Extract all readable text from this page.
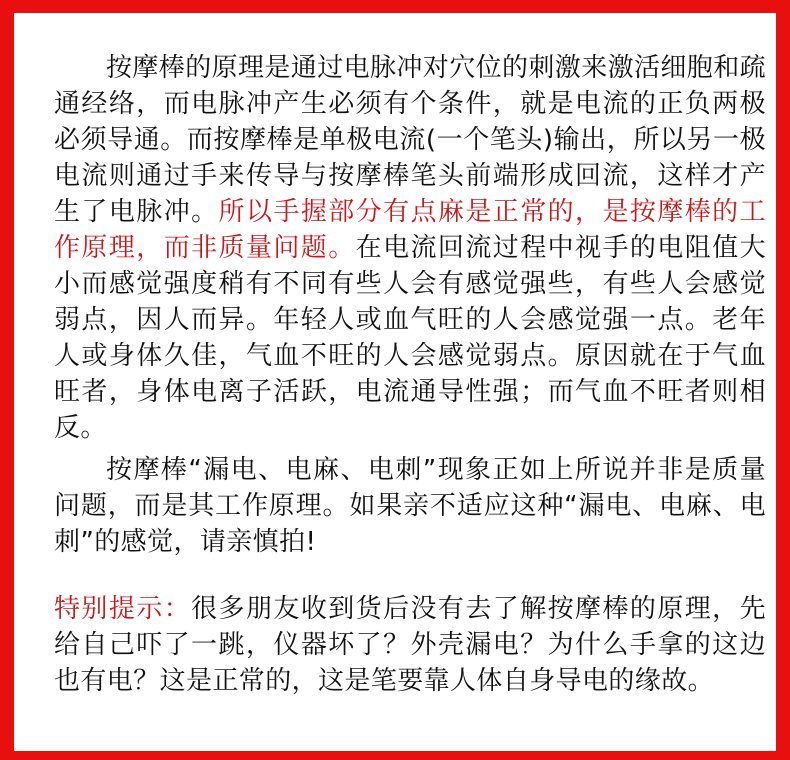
按摩棒的原理是通过电脉冲对穴位的刺激来激活细胞和疏通经络，而电脉冲产生必须有个条件，就是电流的正负两极必须导通。而按摩棒是单极电流(一个笔头)输出，所以另一极电流则通过手来传导与按摩棒笔头前端形成回流，这样才产生了电脉冲。所以手握部分有点麻是正常的，是按摩棒的工作原理，而非质量问题。在电流回流过程中视手的电阻值大小而感觉强度稍有不同有些人会有感觉强些，有些人会感觉弱点，因人而异。年轻人或血气旺的人会感觉强一点。老年人或身体久佳，气血不旺的人会感觉弱点。原因就在于气血旺者，身体电离子活跃，电流通导性强；而气血不旺者则相反。

按摩棒“漏电、电麻、电刺”现象正如上所说并非是质量问题，而是其工作原理。如果亲不适应这种“漏电、电麻、电刺”的感觉，请亲慎拍!

特别提示：很多朋友收到货后没有去了解按摩棒的原理，先给自己吓了一跳，仪器坏了？外壳漏电？为什么手拿的这边也有电？这是正常的，这是笔要靠人体自身导电的缘故。
